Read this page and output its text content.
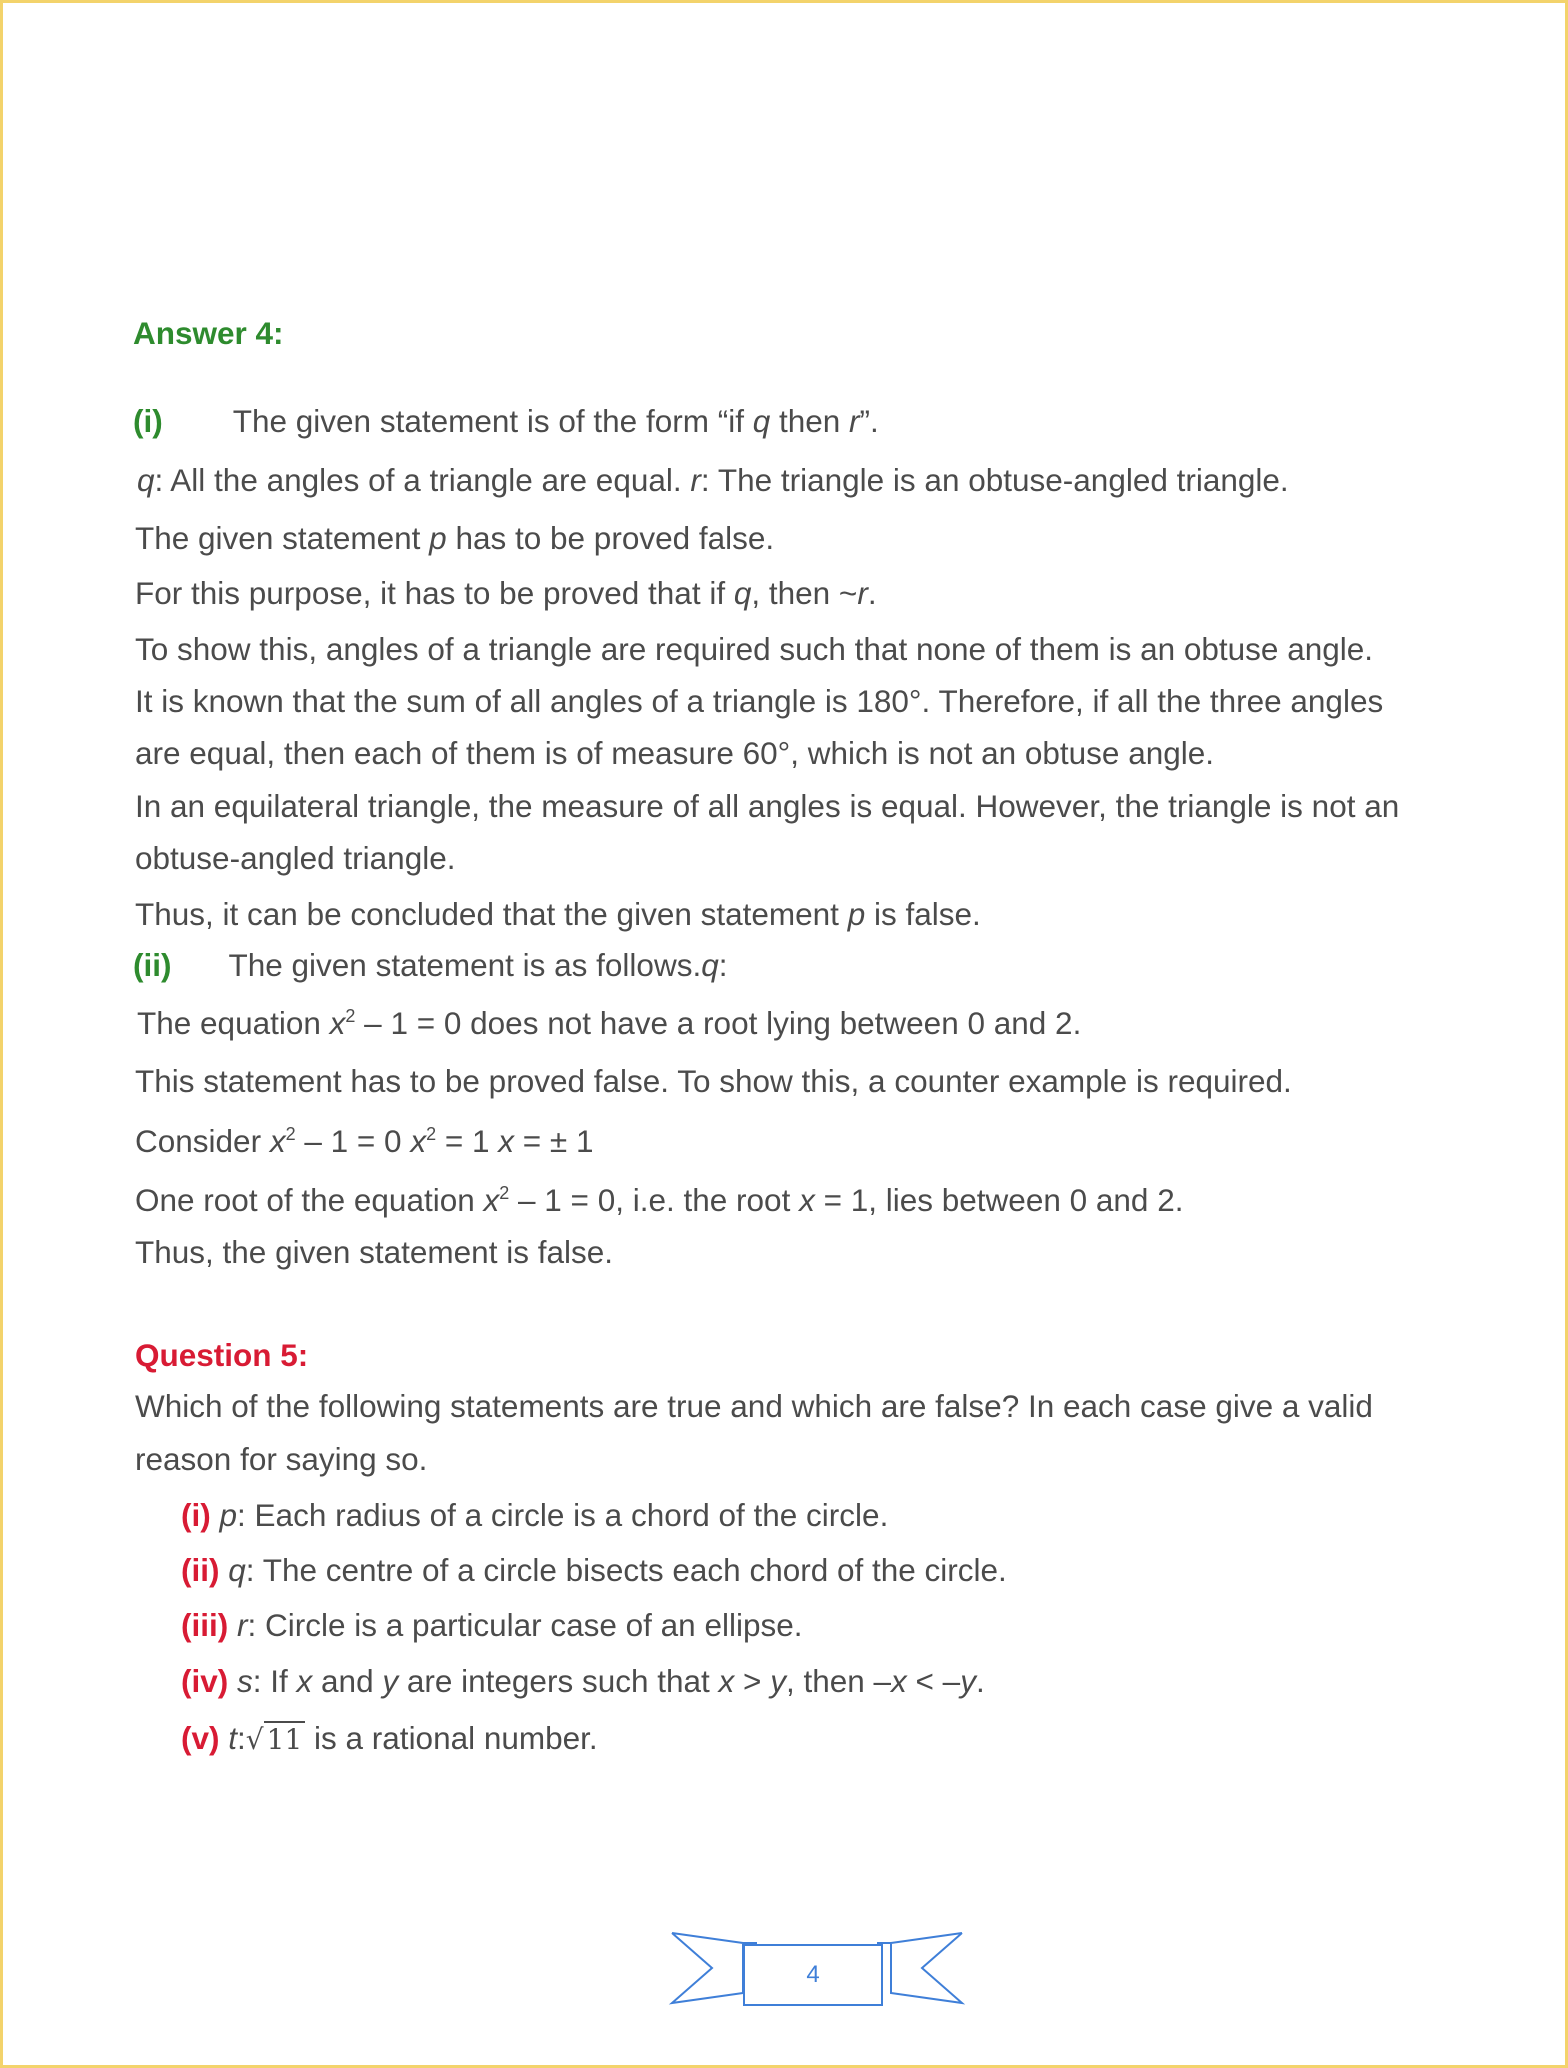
Answer 4:
(i) The given statement is of the form “if q then r”.
q: All the angles of a triangle are equal. r: The triangle is an obtuse-angled triangle.
The given statement p has to be proved false.
For this purpose, it has to be proved that if q, then ~r.
To show this, angles of a triangle are required such that none of them is an obtuse angle.
It is known that the sum of all angles of a triangle is 180°. Therefore, if all the three angles
are equal, then each of them is of measure 60°, which is not an obtuse angle.
In an equilateral triangle, the measure of all angles is equal. However, the triangle is not an
obtuse-angled triangle.
Thus, it can be concluded that the given statement p is false.
(ii) The given statement is as follows.q:
The equation $x^2 - 1 = 0$ does not have a root lying between 0 and 2.
This statement has to be proved false. To show this, a counter example is required.
Consider $x^2 - 1 = 0$ $x^2 = 1$ x = ± 1
One root of the equation $x^2 - 1 = 0$, i.e. the root x = 1, lies between 0 and 2.
Thus, the given statement is false.
Question 5:
Which of the following statements are true and which are false? In each case give a valid
reason for saying so.
(i) p: Each radius of a circle is a chord of the circle.
(ii) q: The centre of a circle bisects each chord of the circle.
(iii) r: Circle is a particular case of an ellipse.
(iv) s: If x and y are integers such that x > y, then –x < –y.
(v) t:√ 11 is a rational number.
4
